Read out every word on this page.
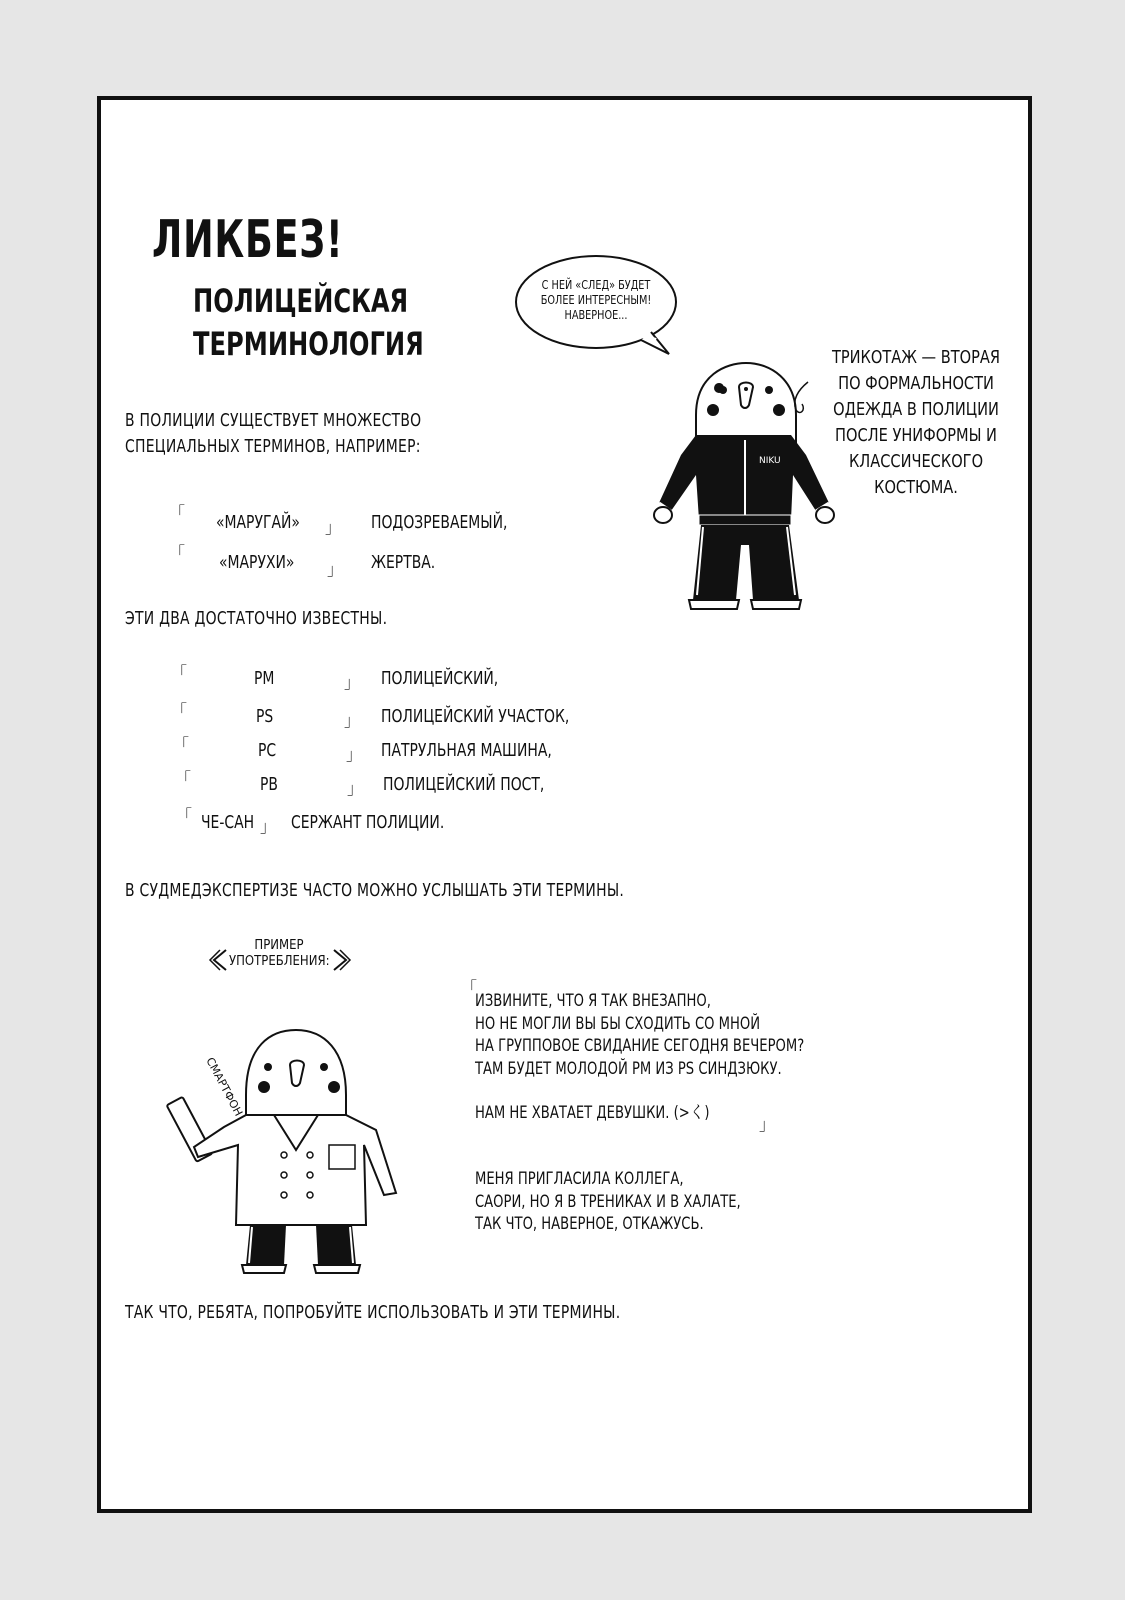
ЛИКБЕЗ!
ПОЛИЦЕЙСКАЯ ТЕРМИНОЛОГИЯ
С НЕЙ «СЛЕД» БУДЕТ
БОЛЕЕ ИНТЕРЕСНЫМ!
НАВЕРНОЕ...
ТРИКОТАЖ — ВТОРАЯ ПО ФОРМАЛЬНОСТИ ОДЕЖДА В ПОЛИЦИИ ПОСЛЕ УНИФОРМЫ И КЛАССИЧЕСКОГО КОСТЮМА.
В ПОЛИЦИИ СУЩЕСТВУЕТ МНОЖЕСТВО
СПЕЦИАЛЬНЫХ ТЕРМИНОВ, НАПРИМЕР:
「 «МАРУГАЙ» 」 ПОДОЗРЕВАЕМЫЙ,
「 «МАРУХИ» 」 ЖЕРТВА.
ЭТИ ДВА ДОСТАТОЧНО ИЗВЕСТНЫ.
「	PM	」 ПОЛИЦЕЙСКИЙ,
「	PS	」 ПОЛИЦЕЙСКИЙ УЧАСТОК,
「	PC	」 ПАТРУЛЬНАЯ МАШИНА,
「	PB	」 ПОЛИЦЕЙСКИЙ ПОСТ,
「 ЧЕ-САН 」 СЕРЖАНТ ПОЛИЦИИ.
В СУДМЕДЭКСПЕРТИЗЕ ЧАСТО МОЖНО УСЛЫШАТЬ ЭТИ ТЕРМИНЫ.
ПРИМЕР
УПОТРЕБЛЕНИЯ:
「
ИЗВИНИТЕ, ЧТО Я ТАК ВНЕЗАПНО,
НО НЕ МОГЛИ ВЫ БЫ СХОДИТЬ СО МНОЙ
НА ГРУППОВОЕ СВИДАНИЕ СЕГОДНЯ ВЕЧЕРОМ?
ТАМ БУДЕТ МОЛОДОЙ PM ИЗ PS СИНДЗЮКУ.
НАМ НЕ ХВАТАЕТ ДЕВУШКИ. (>く)
」
МЕНЯ ПРИГЛАСИЛА КОЛЛЕГА,
САОРИ, НО Я В ТРЕНИКАХ И В ХАЛАТЕ,
ТАК ЧТО, НАВЕРНОЕ, ОТКАЖУСЬ.
ТАК ЧТО, РЕБЯТА, ПОПРОБУЙТЕ ИСПОЛЬЗОВАТЬ И ЭТИ ТЕРМИНЫ.
NIKU
СМАРТФОН
